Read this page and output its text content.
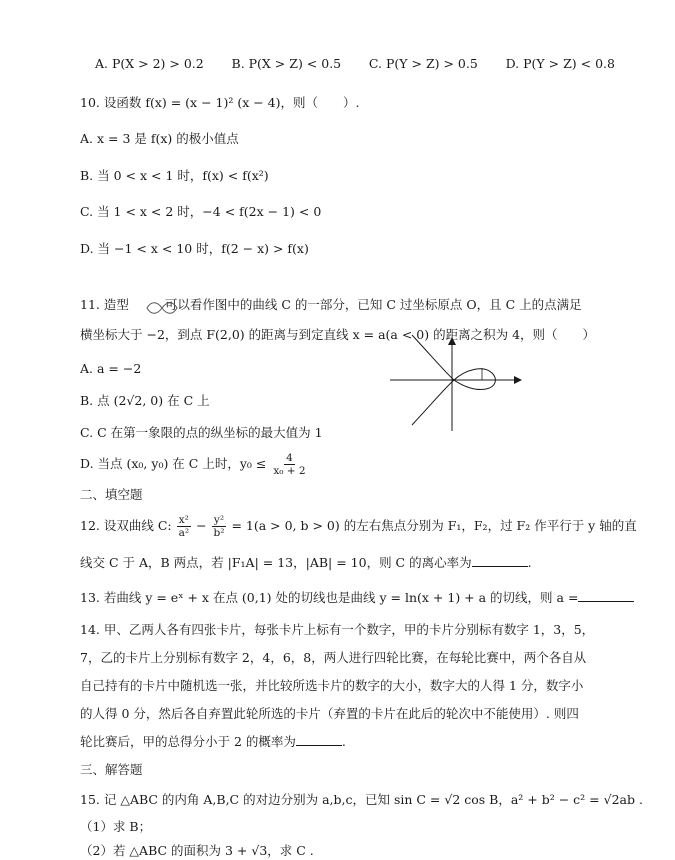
A. P(X > 2) > 0.2 B. P(X > Z) < 0.5 C. P(Y > Z) > 0.5 D. P(Y > Z) < 0.8
10. 设函数 f(x) = (x − 1)² (x − 4)，则（　　）.
A. x = 3 是 f(x) 的极小值点
B. 当 0 < x < 1 时，f(x) < f(x²)
C. 当 1 < x < 2 时，−4 < f(2x − 1) < 0
D. 当 −1 < x < 10 时，f(2 − x) > f(x)
11. 造型	可以看作图中的曲线 C 的一部分，已知 C 过坐标原点 O，且 C 上的点满足
横坐标大于 −2，到点 F(2,0) 的距离与到定直线 x = a(a < 0) 的距离之积为 4，则（　　）
A. a = −2
B. 点 (2√2, 0) 在 C 上
C. C 在第一象限的点的纵坐标的最大值为 1
D. 当点 (x₀, y₀) 在 C 上时，$y_0 \le \frac{4}{\text{x₀ + 2}}$
二、填空题
12. 设双曲线 C: $\frac{\text{x²}}{\text{a²}} - \frac{\text{y²}}{\text{b²}} = 1(a > 0$, b > 0) 的左右焦点分别为 F₁，F₂，过 F₂ 作平行于 y 轴的直
线交 C 于 A，B 两点，若 |F₁A| = 13，|AB| = 10，则 C 的离心率为	.
13. 若曲线 y = eˣ + x 在点 (0,1) 处的切线也是曲线 y = ln(x + 1) + a 的切线，则 a =
14. 甲、乙两人各有四张卡片，每张卡片上标有一个数字，甲的卡片分别标有数字 1，3，5，
7，乙的卡片上分别标有数字 2，4，6，8，两人进行四轮比赛，在每轮比赛中，两个各自从
自己持有的卡片中随机选一张，并比较所选卡片的数字的大小，数字大的人得 1 分，数字小
的人得 0 分，然后各自弃置此轮所选的卡片（弃置的卡片在此后的轮次中不能使用）. 则四
轮比赛后，甲的总得分小于 2 的概率为	.
三、解答题
15. 记 △ABC 的内角 A,B,C 的对边分别为 a,b,c，已知 sin C = √2 cos B，a² + b² − c² = √2ab .
（1）求 B；
（2）若 △ABC 的面积为 3 + √3，求 C .
